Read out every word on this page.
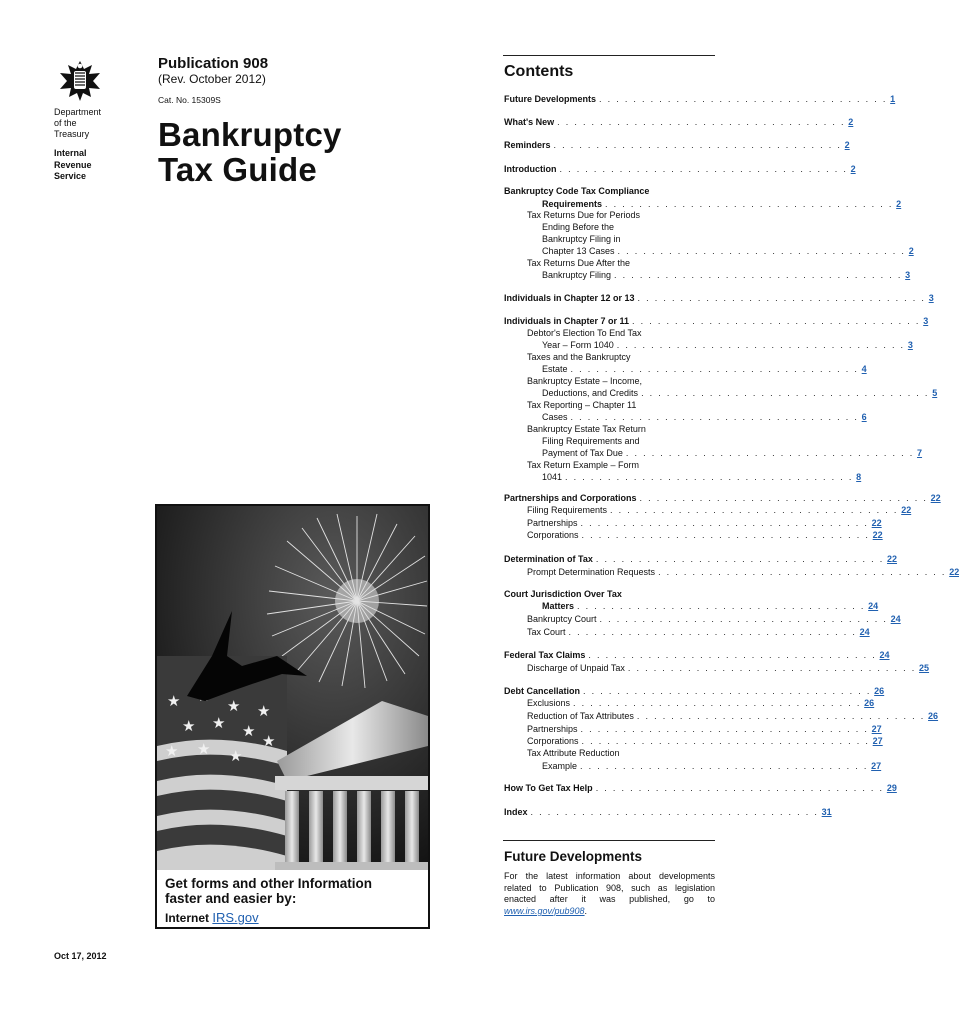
Department
of the
Treasury
Internal
Revenue
Service
Publication 908
(Rev. October 2012)
Cat. No. 15309S
Bankruptcy
Tax Guide
★	★
★ ★ ★
★ ★ ★
★
★
Get forms and other Information
faster and easier by:
Internet IRS.gov
Oct 17, 2012
Contents
Future Developments . . . . . . . . . . . . . . . . . . . . . . . . . . . . . . . . . . 1
What's New . . . . . . . . . . . . . . . . . . . . . . . . . . . . . . . . . . 2
Reminders . . . . . . . . . . . . . . . . . . . . . . . . . . . . . . . . . . 2
Introduction . . . . . . . . . . . . . . . . . . . . . . . . . . . . . . . . . . 2
Bankruptcy Code Tax Compliance
Requirements . . . . . . . . . . . . . . . . . . . . . . . . . . . . . . . . . . 2
Tax Returns Due for Periods
Ending Before the
Bankruptcy Filing in
Chapter 13 Cases . . . . . . . . . . . . . . . . . . . . . . . . . . . . . . . . . . 2
Tax Returns Due After the
Bankruptcy Filing . . . . . . . . . . . . . . . . . . . . . . . . . . . . . . . . . . 3
Individuals in Chapter 12 or 13 . . . . . . . . . . . . . . . . . . . . . . . . . . . . . . . . . . 3
Individuals in Chapter 7 or 11 . . . . . . . . . . . . . . . . . . . . . . . . . . . . . . . . . . 3
Debtor's Election To End Tax
Year – Form 1040 . . . . . . . . . . . . . . . . . . . . . . . . . . . . . . . . . . 3
Taxes and the Bankruptcy
Estate . . . . . . . . . . . . . . . . . . . . . . . . . . . . . . . . . . 4
Bankruptcy Estate – Income,
Deductions, and Credits . . . . . . . . . . . . . . . . . . . . . . . . . . . . . . . . . . 5
Tax Reporting – Chapter 11
Cases . . . . . . . . . . . . . . . . . . . . . . . . . . . . . . . . . . 6
Bankruptcy Estate Tax Return
Filing Requirements and
Payment of Tax Due . . . . . . . . . . . . . . . . . . . . . . . . . . . . . . . . . . 7
Tax Return Example – Form
1041 . . . . . . . . . . . . . . . . . . . . . . . . . . . . . . . . . . 8
Partnerships and Corporations . . . . . . . . . . . . . . . . . . . . . . . . . . . . . . . . . . 22
Filing Requirements . . . . . . . . . . . . . . . . . . . . . . . . . . . . . . . . . . 22
Partnerships . . . . . . . . . . . . . . . . . . . . . . . . . . . . . . . . . . 22
Corporations . . . . . . . . . . . . . . . . . . . . . . . . . . . . . . . . . . 22
Determination of Tax . . . . . . . . . . . . . . . . . . . . . . . . . . . . . . . . . . 22
Prompt Determination Requests . . . . . . . . . . . . . . . . . . . . . . . . . . . . . . . . . . 22
Court Jurisdiction Over Tax
Matters . . . . . . . . . . . . . . . . . . . . . . . . . . . . . . . . . . 24
Bankruptcy Court . . . . . . . . . . . . . . . . . . . . . . . . . . . . . . . . . . 24
Tax Court . . . . . . . . . . . . . . . . . . . . . . . . . . . . . . . . . . 24
Federal Tax Claims . . . . . . . . . . . . . . . . . . . . . . . . . . . . . . . . . . 24
Discharge of Unpaid Tax . . . . . . . . . . . . . . . . . . . . . . . . . . . . . . . . . . 25
Debt Cancellation . . . . . . . . . . . . . . . . . . . . . . . . . . . . . . . . . . 26
Exclusions . . . . . . . . . . . . . . . . . . . . . . . . . . . . . . . . . . 26
Reduction of Tax Attributes . . . . . . . . . . . . . . . . . . . . . . . . . . . . . . . . . . 26
Partnerships . . . . . . . . . . . . . . . . . . . . . . . . . . . . . . . . . . 27
Corporations . . . . . . . . . . . . . . . . . . . . . . . . . . . . . . . . . . 27
Tax Attribute Reduction
Example . . . . . . . . . . . . . . . . . . . . . . . . . . . . . . . . . . 27
How To Get Tax Help . . . . . . . . . . . . . . . . . . . . . . . . . . . . . . . . . . 29
Index . . . . . . . . . . . . . . . . . . . . . . . . . . . . . . . . . . 31
Future Developments
For the latest information about developments related to Publication 908, such as legislation enacted after it was published, go to www.irs.gov/pub908.
